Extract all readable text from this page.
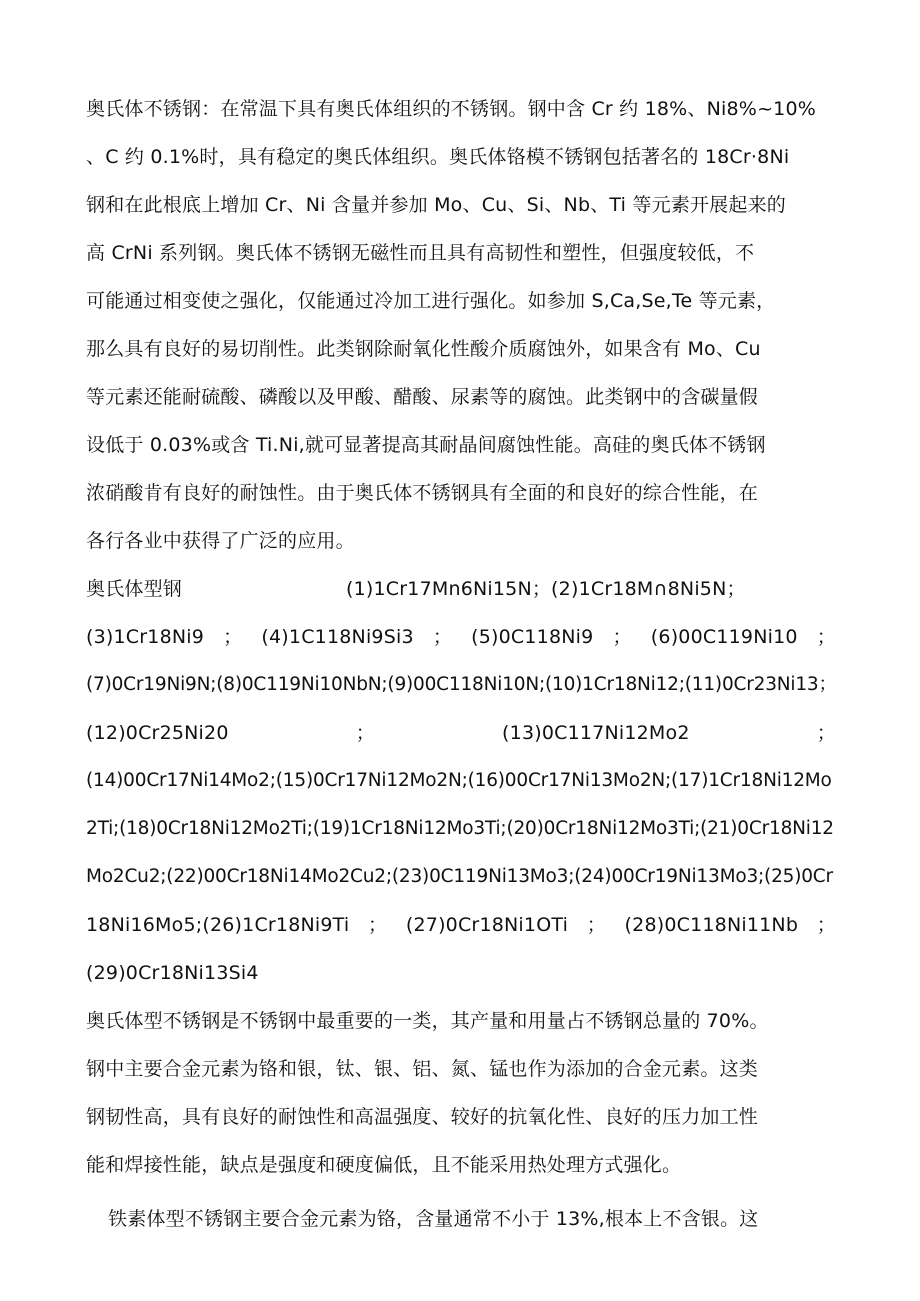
奥氏体不锈钢：在常温下具有奥氏体组织的不锈钢。钢中含 Cr 约 18%、Ni8%~10%
、C 约 0.1%时，具有稳定的奥氏体组织。奥氏体铬模不锈钢包括著名的 18Cr·8Ni
钢和在此根底上增加 Cr、Ni 含量并参加 Mo、Cu、Si、Nb、Ti 等元素开展起来的
高 CrNi 系列钢。奥氏体不锈钢无磁性而且具有高韧性和塑性，但强度较低，不
可能通过相变使之强化，仅能通过冷加工进行强化。如参加 S,Ca,Se,Te 等元素，
那么具有良好的易切削性。此类钢除耐氧化性酸介质腐蚀外，如果含有 Mo、Cu
等元素还能耐硫酸、磷酸以及甲酸、醋酸、尿素等的腐蚀。此类钢中的含碳量假
设低于 0.03%或含 Ti.Ni,就可显著提高其耐晶间腐蚀性能。高硅的奥氏体不锈钢
浓硝酸肯有良好的耐蚀性。由于奥氏体不锈钢具有全面的和良好的综合性能，在
各行各业中获得了广泛的应用。
奥氏体型钢	(1)1Cr17Mn6Ni15N；(2)1Cr18M∩8Ni5N；
(3)1Cr18Ni9 ； (4)1C118Ni9Si3 ； (5)0C118Ni9 ； (6)00C119Ni10 ；
(7)0Cr19Ni9N;(8)0C119Ni10NbN;(9)00C118Ni10N;(10)1Cr18Ni12;(11)0Cr23Ni13；
(12)0Cr25Ni20	；	(13)0C117Ni12Mo2	；
(14)00Cr17Ni14Mo2;(15)0Cr17Ni12Mo2N;(16)00Cr17Ni13Mo2N;(17)1Cr18Ni12Mo
2Ti;(18)0Cr18Ni12Mo2Ti;(19)1Cr18Ni12Mo3Ti;(20)0Cr18Ni12Mo3Ti;(21)0Cr18Ni12
Mo2Cu2;(22)00Cr18Ni14Mo2Cu2;(23)0C119Ni13Mo3;(24)00Cr19Ni13Mo3;(25)0Cr
18Ni16Mo5;(26)1Cr18Ni9Ti ； (27)0Cr18Ni1OTi ； (28)0C118Ni11Nb ；
(29)0Cr18Ni13Si4
奥氏体型不锈钢是不锈钢中最重要的一类，其产量和用量占不锈钢总量的 70%。
钢中主要合金元素为铬和银，钛、银、铝、氮、锰也作为添加的合金元素。这类
钢韧性高，具有良好的耐蚀性和高温强度、较好的抗氧化性、良好的压力加工性
能和焊接性能，缺点是强度和硬度偏低，且不能采用热处理方式强化。
铁素体型不锈钢主要合金元素为铬，含量通常不小于 13%,根本上不含银。这
